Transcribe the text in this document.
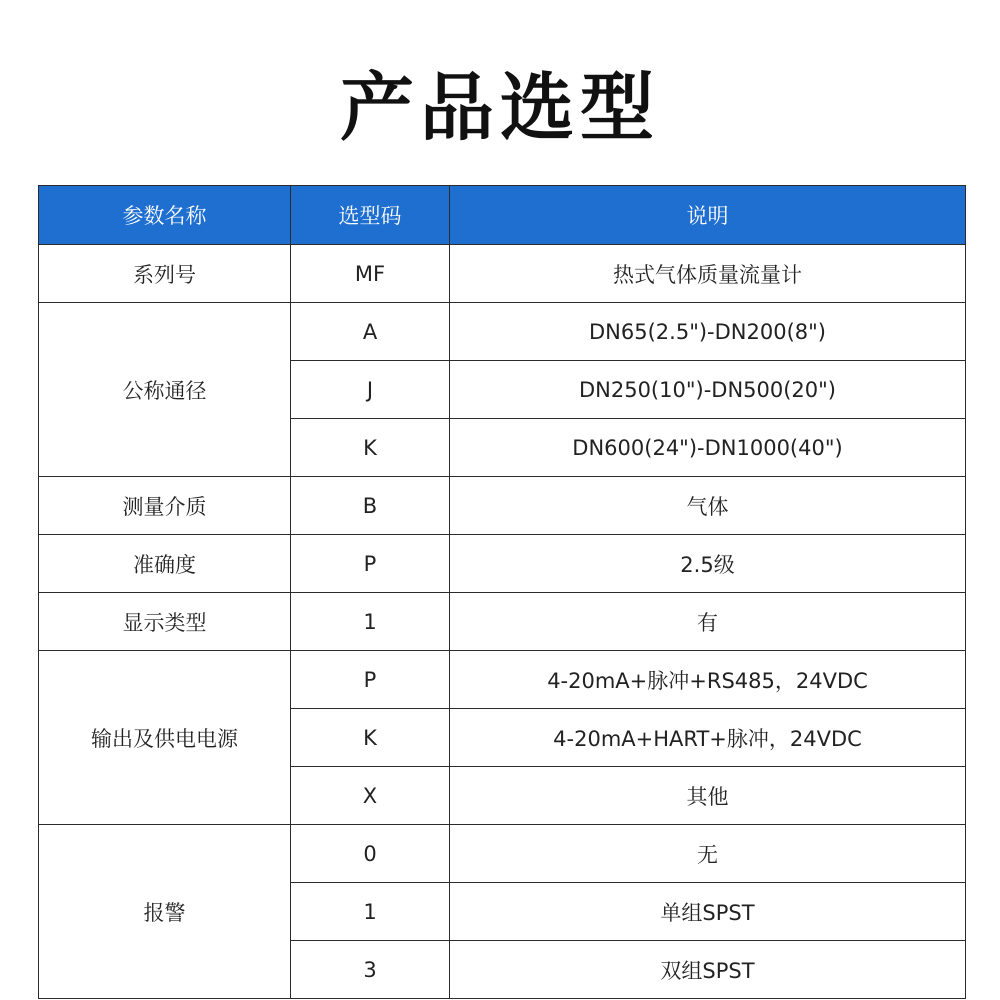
产品选型
参数名称	选型码	说明
系列号	MF	热式气体质量流量计
公称通径	A	DN65(2.5")-DN200(8")
	J	DN250(10")-DN500(20")
	K	DN600(24")-DN1000(40")
测量介质	B	气体
准确度	P	2.5级
显示类型	1	有
输出及供电电源	P	4-20mA+脉冲+RS485，24VDC
	K	4-20mA+HART+脉冲，24VDC
	X	其他
报警	0	无
	1	单组SPST
	3	双组SPST
